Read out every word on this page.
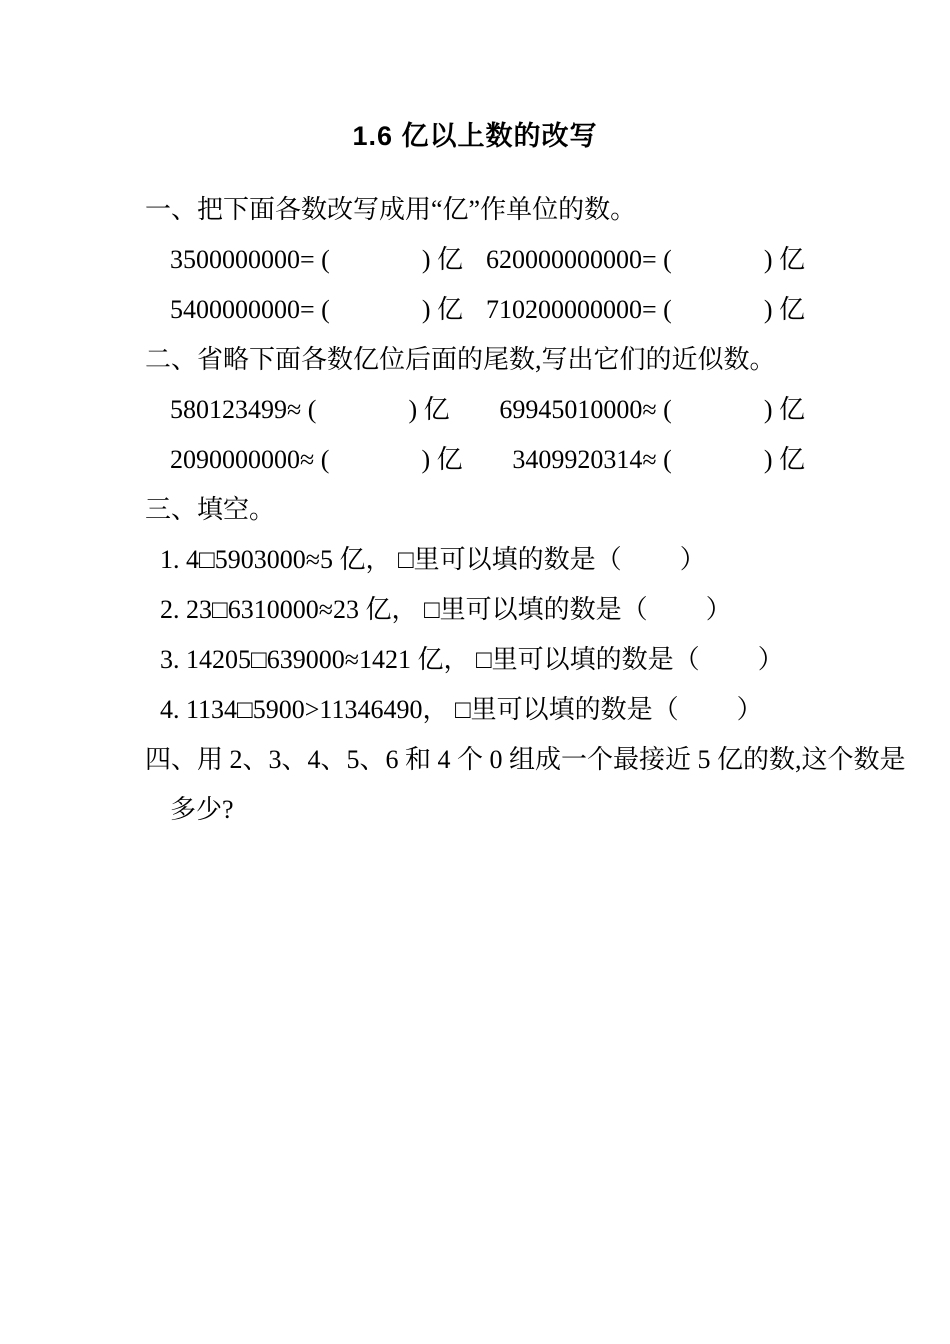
1.6 亿以上数的改写
一、把下面各数改写成用“亿”作单位的数。
3500000000= (	) 亿 620000000000= (	) 亿
5400000000= (	) 亿 710200000000= (	) 亿
二、省略下面各数亿位后面的尾数,写出它们的近似数。
580123499≈ (	) 亿 69945010000≈ (	) 亿
2090000000≈ (	) 亿 3409920314≈ (	) 亿
三、填空。
1. 4□5903000≈5 亿， □里可以填的数是（ ）
2. 23□6310000≈23 亿， □里可以填的数是（ ）
3. 14205□639000≈1421 亿， □里可以填的数是（ ）
4. 1134□5900>11346490， □里可以填的数是（ ）
四、用 2、3、4、5、6 和 4 个 0 组成一个最接近 5 亿的数,这个数是
多少?
